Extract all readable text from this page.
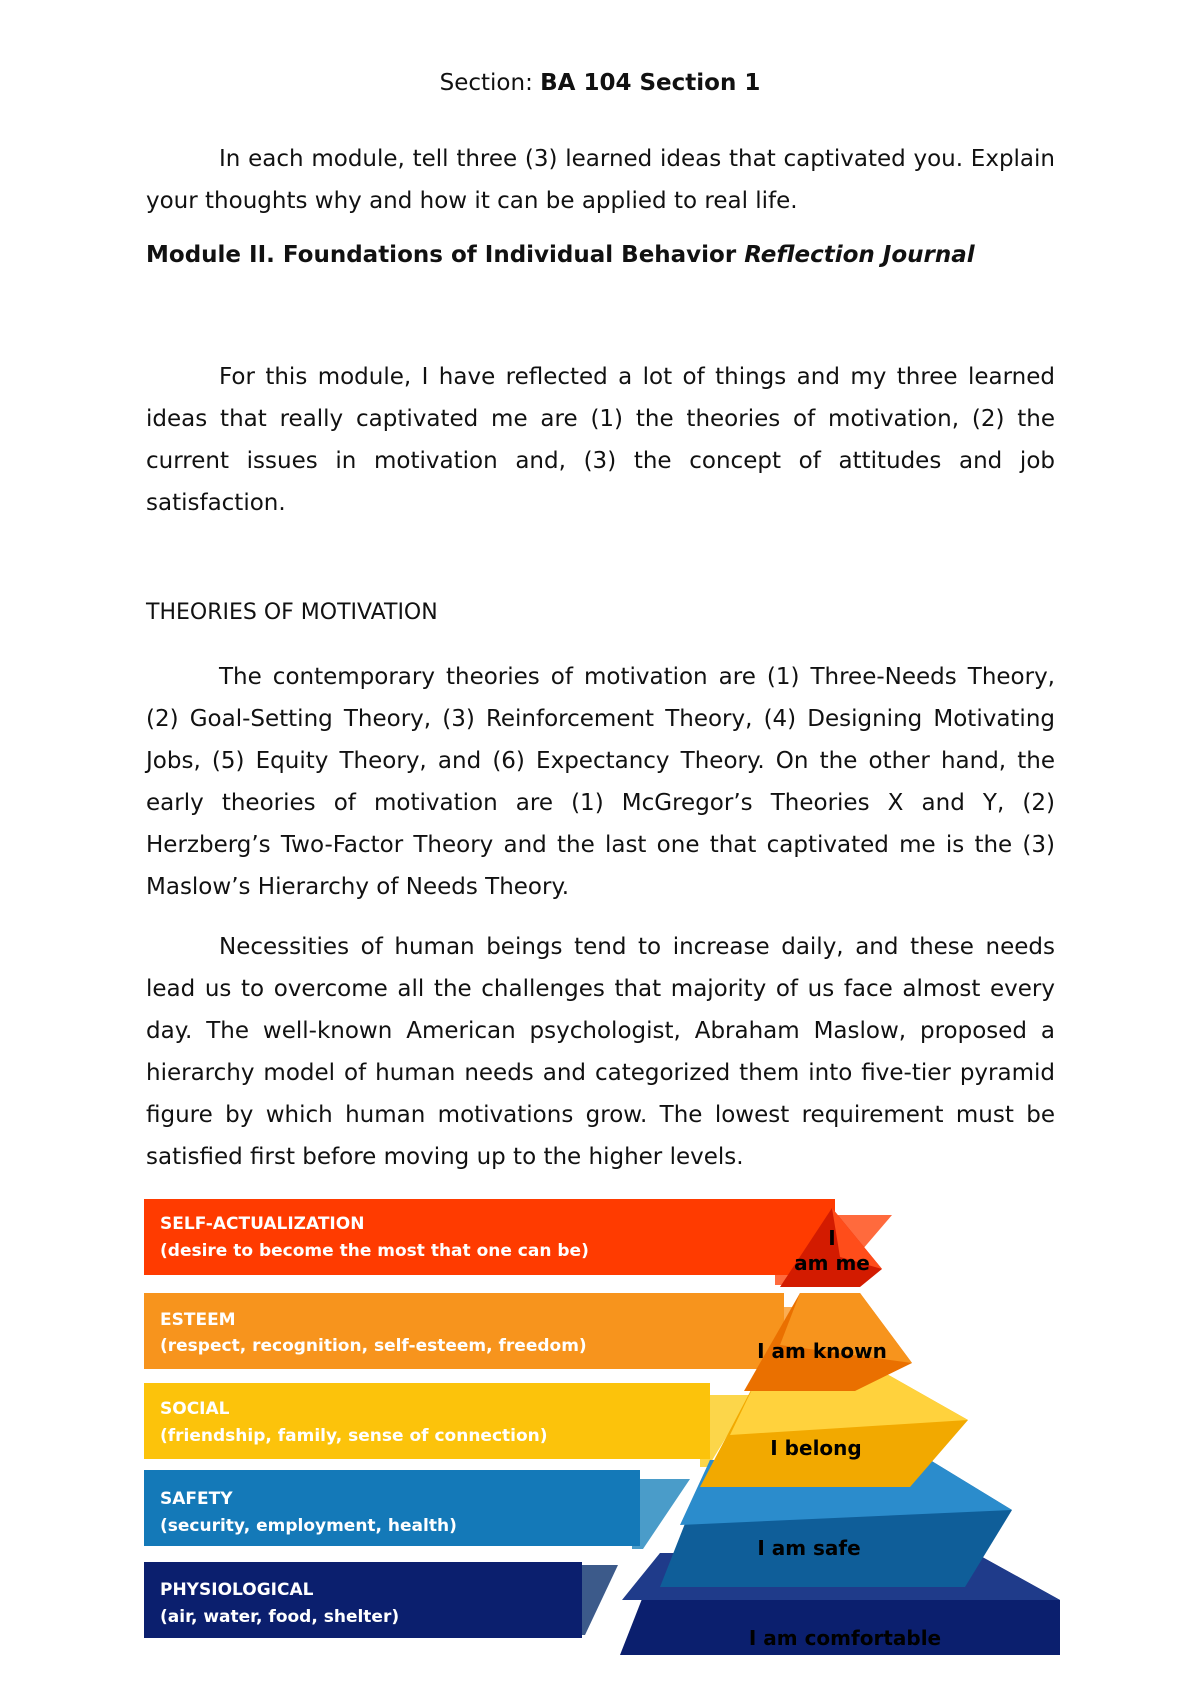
Section: BA 104 Section 1

In each module, tell three (3) learned ideas that captivated you. Explain your thoughts why and how it can be applied to real life.

Module II. Foundations of Individual Behavior Reflection Journal

For this module, I have reflected a lot of things and my three learned ideas that really captivated me are (1) the theories of motivation, (2) the current issues in motivation and, (3) the concept of attitudes and job satisfaction.

THEORIES OF MOTIVATION

The contemporary theories of motivation are (1) Three-Needs Theory, (2) Goal-Setting Theory, (3) Reinforcement Theory, (4) Designing Motivating Jobs, (5) Equity Theory, and (6) Expectancy Theory. On the other hand, the early theories of motivation are (1) McGregor’s Theories X and Y, (2) Herzberg’s Two-Factor Theory and the last one that captivated me is the (3) Maslow’s Hierarchy of Needs Theory.

Necessities of human beings tend to increase daily, and these needs lead us to overcome all the challenges that majority of us face almost every day. The well-known American psychologist, Abraham Maslow, proposed a hierarchy model of human needs and categorized them into five-tier pyramid figure by which human motivations grow. The lowest requirement must be satisfied first before moving up to the higher levels.

SELF-ACTUALIZATION
(desire to become the most that one can be)
ESTEEM
(respect, recognition, self-esteem, freedom)
SOCIAL
(friendship, family, sense of connection)
SAFETY
(security, employment, health)
PHYSIOLOGICAL
(air, water, food, shelter)
I am comfortable
I am safe
I belong
I am known
I
am me
